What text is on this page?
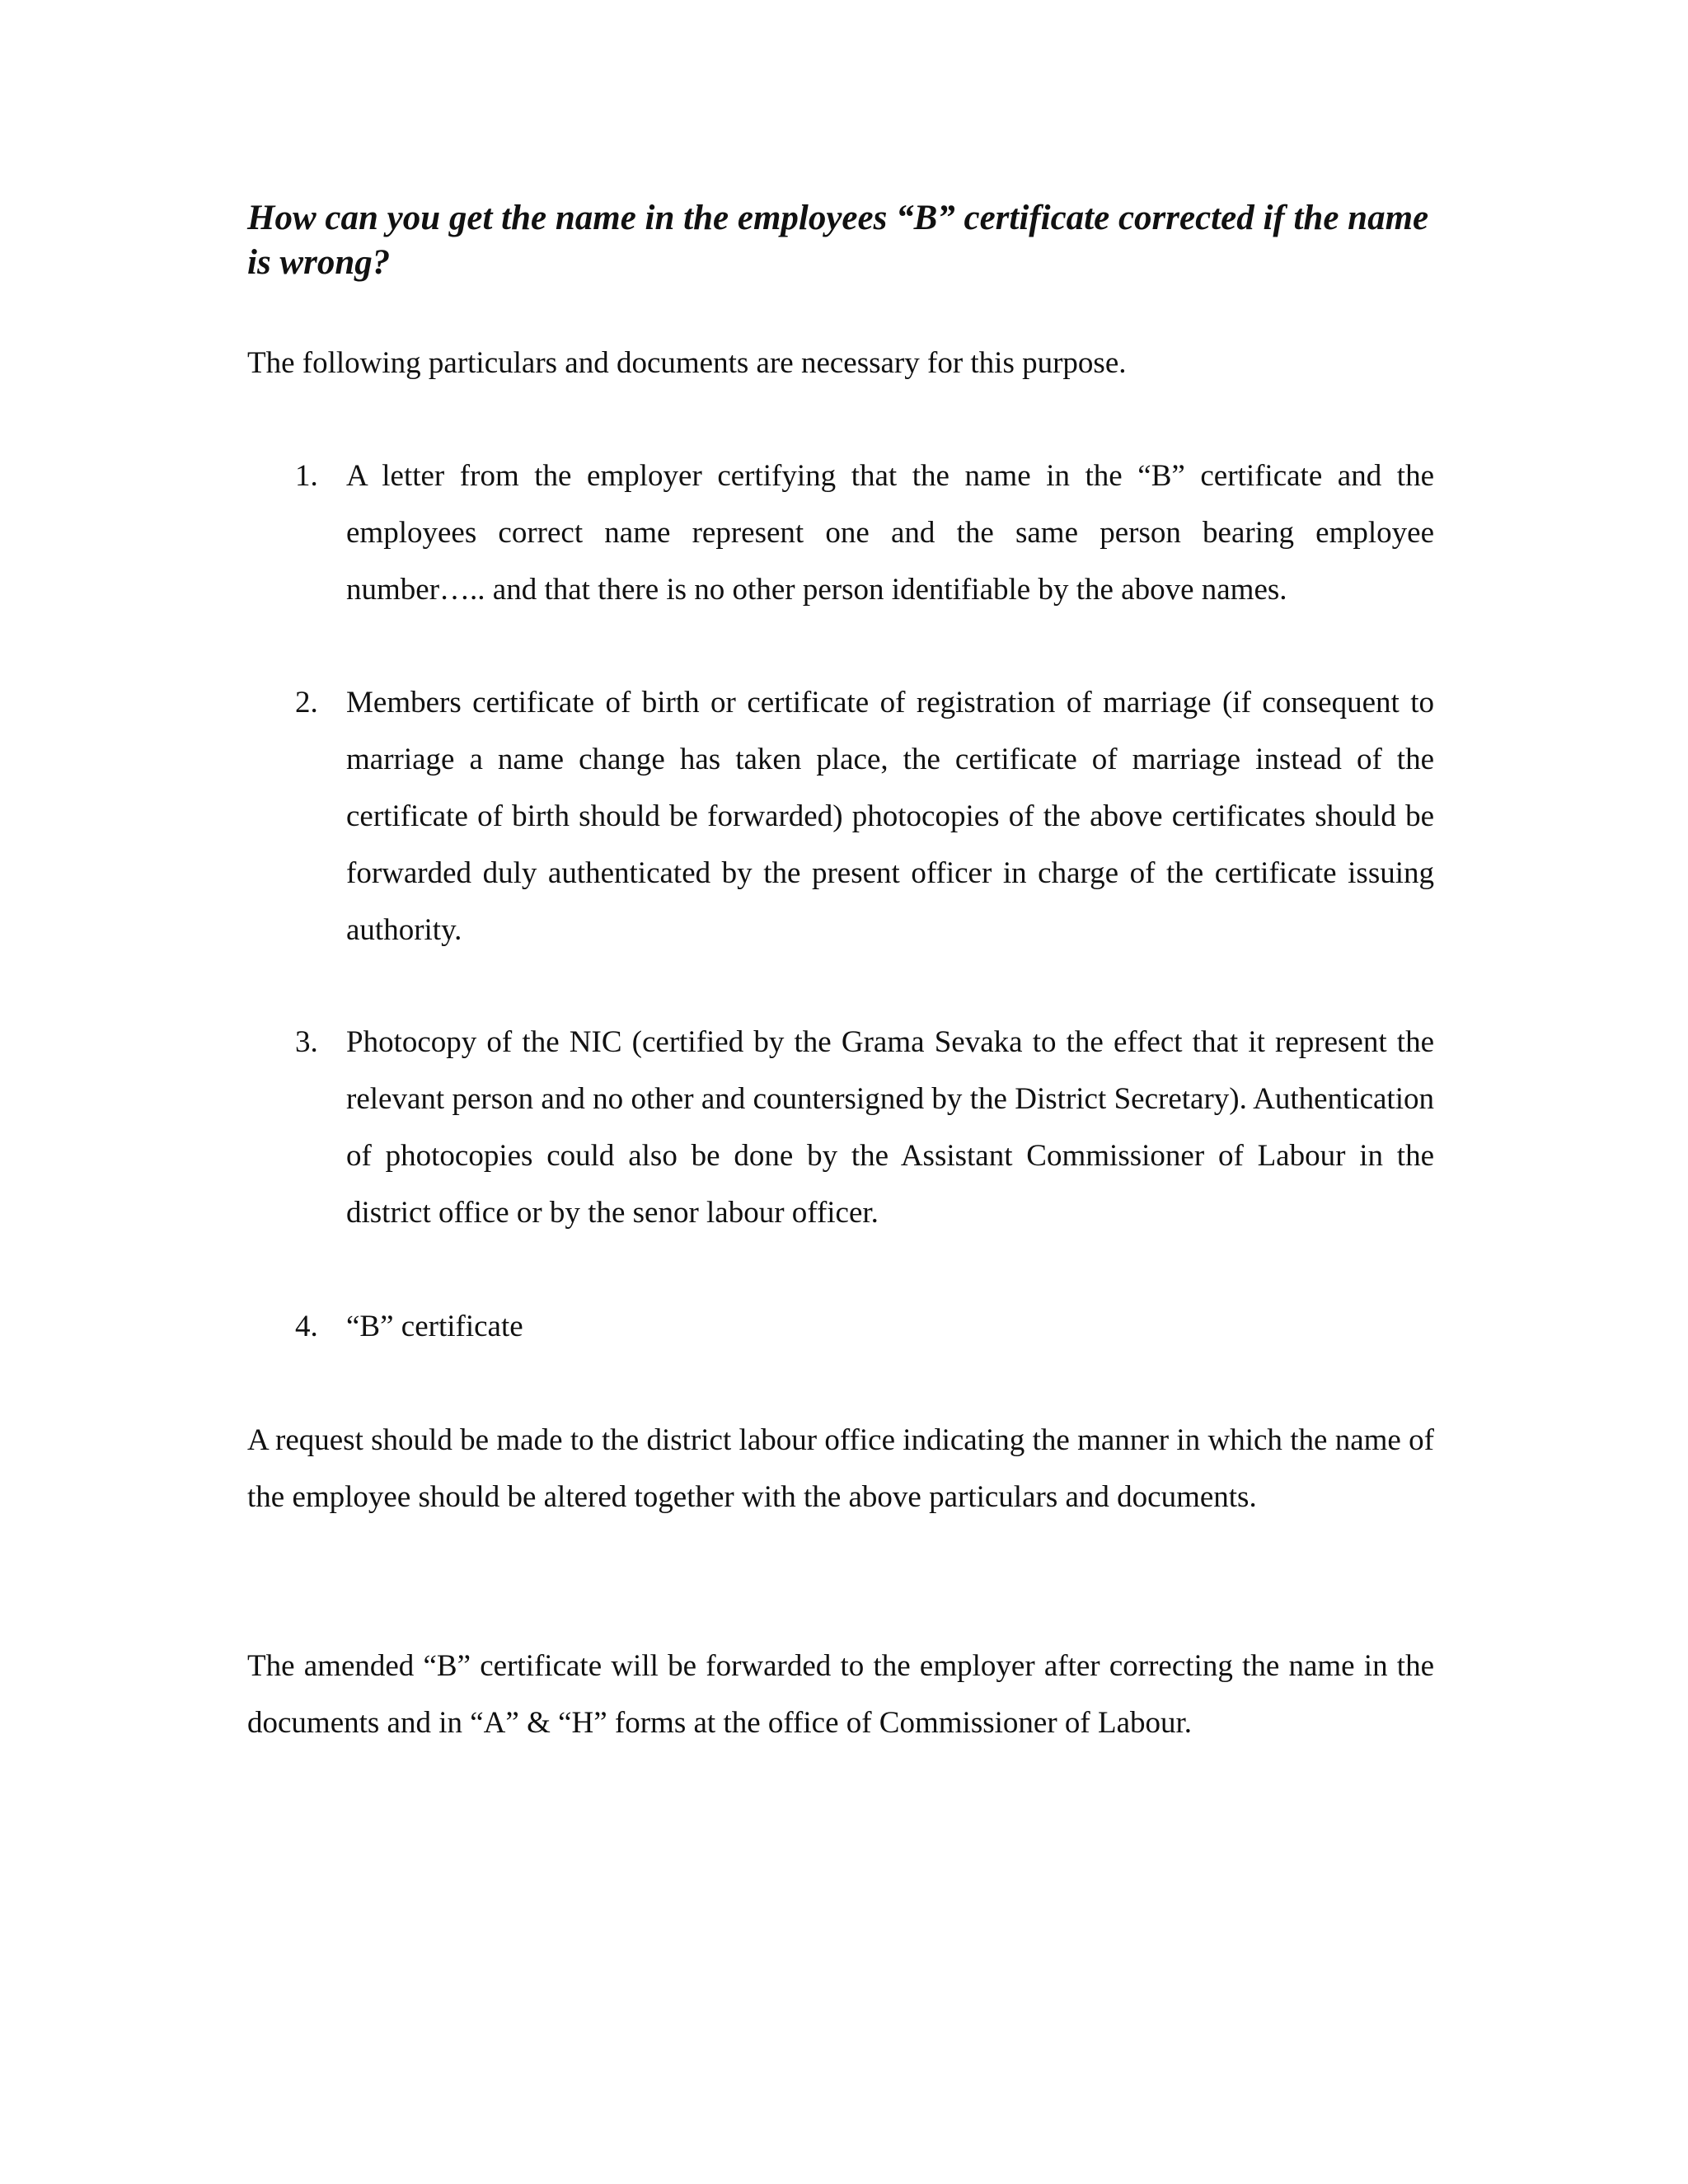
How can you get the name in the employees “B” certificate corrected if the name is wrong?

The following particulars and documents are necessary for this purpose.

1. A letter from the employer certifying that the name in the “B” certificate and the employees correct name represent one and the same person bearing employee number….. and that there is no other person identifiable by the above names.

2. Members certificate of birth or certificate of registration of marriage (if consequent to marriage a name change has taken place, the certificate of marriage instead of the certificate of birth should be forwarded) photocopies of the above certificates should be forwarded duly authenticated by the present officer in charge of the certificate issuing authority.

3. Photocopy of the NIC (certified by the Grama Sevaka to the effect that it represent the relevant person and no other and countersigned by the District Secretary). Authentication of photocopies could also be done by the Assistant Commissioner of Labour in the district office or by the senor labour officer.

4. “B” certificate

A request should be made to the district labour office indicating the manner in which the name of the employee should be altered together with the above particulars and documents.

The amended “B” certificate will be forwarded to the employer after correcting the name in the documents and in “A” & “H” forms at the office of Commissioner of Labour.
